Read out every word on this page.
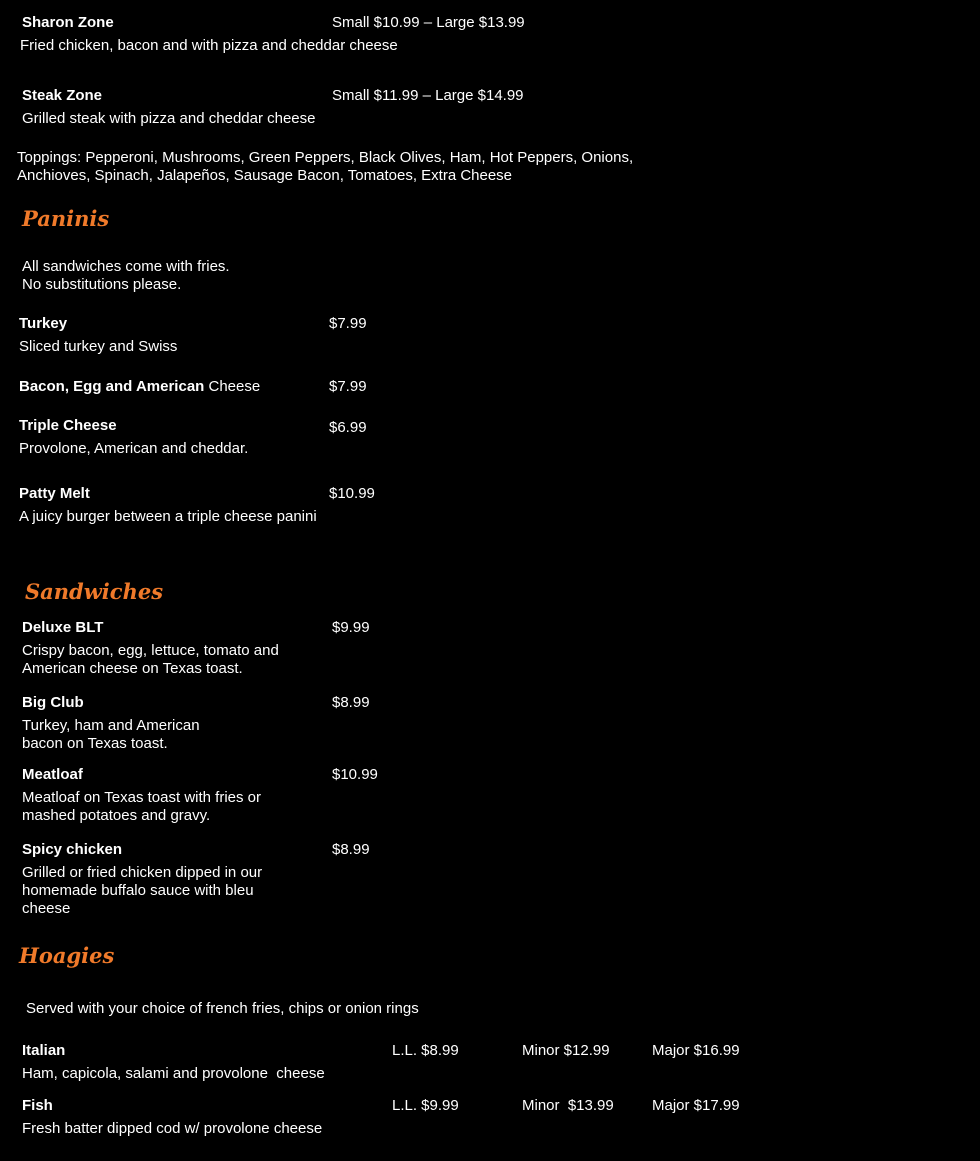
Sharon Zone	Small $10.99 – Large $13.99
Fried chicken, bacon and with pizza and cheddar cheese
Steak Zone	Small $11.99 – Large $14.99
Grilled steak with pizza and cheddar cheese
Toppings: Pepperoni, Mushrooms, Green Peppers, Black Olives, Ham, Hot Peppers, Onions,
Anchioves, Spinach, Jalapeños, Sausage Bacon, Tomatoes, Extra Cheese
Paninis
All sandwiches come with fries.
No substitutions please.
Turkey	$7.99
Sliced turkey and Swiss
Bacon, Egg and American Cheese	$7.99
Triple Cheese	$6.99
Provolone, American and cheddar.
Patty Melt	$10.99
A juicy burger between a triple cheese panini
Sandwiches
Deluxe BLT	$9.99
Crispy bacon, egg, lettuce, tomato and
American cheese on Texas toast.
Big Club	$8.99
Turkey, ham and American
bacon on Texas toast.
Meatloaf	$10.99
Meatloaf on Texas toast with fries or
mashed potatoes and gravy.
Spicy chicken	$8.99
Grilled or fried chicken dipped in our
homemade buffalo sauce with bleu
cheese
Hoagies
Served with your choice of french fries, chips or onion rings
Italian	L.L. $8.99	Minor $12.99	Major $16.99
Ham, capicola, salami and provolone  cheese
Fish	L.L. $9.99	Minor  $13.99	Major $17.99
Fresh batter dipped cod w/ provolone cheese
